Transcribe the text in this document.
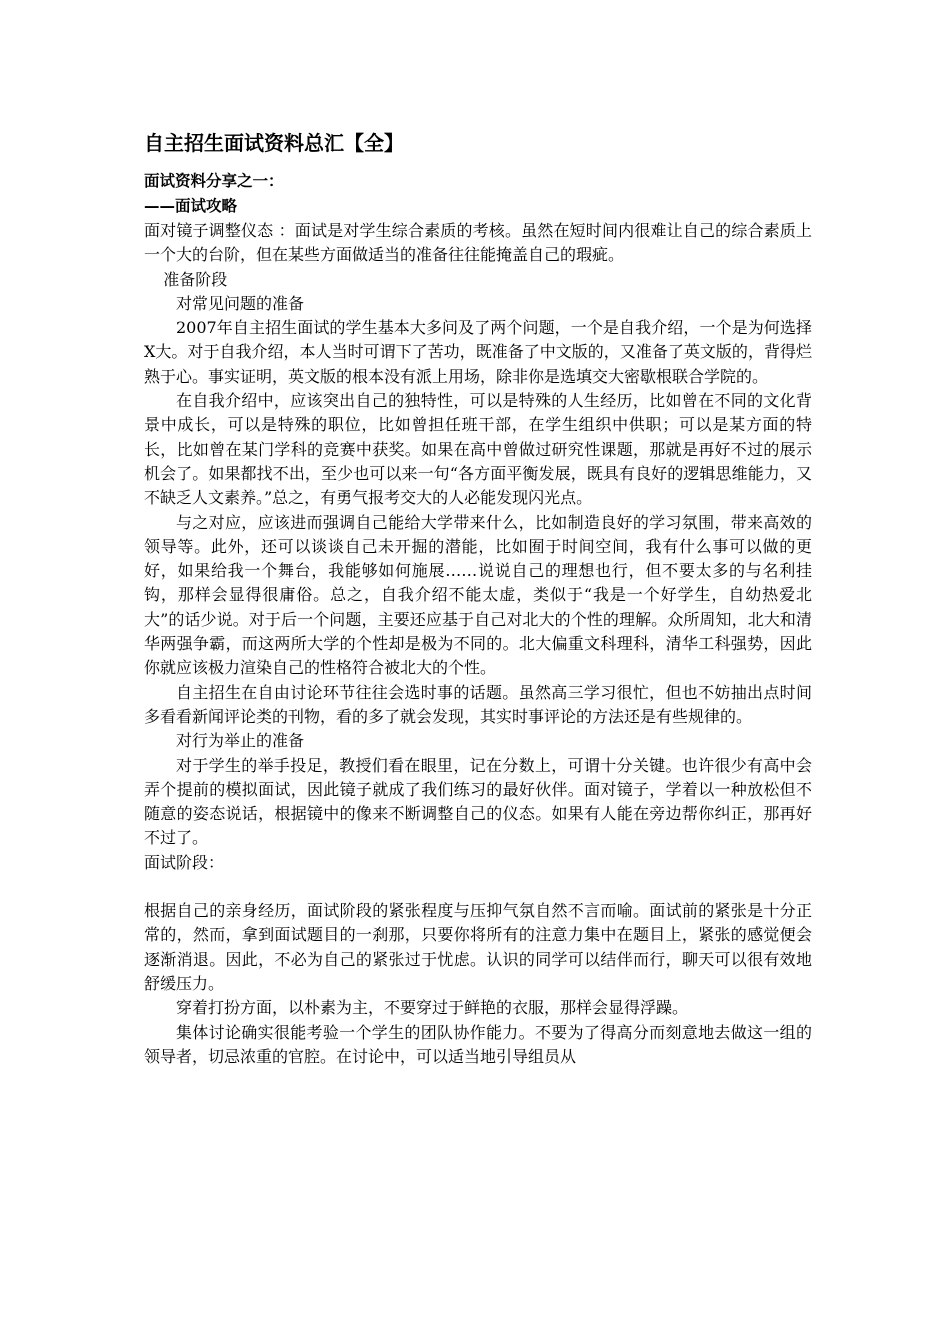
自主招生面试资料总汇【全】
面试资料分享之一：
——面试攻略

面对镜子调整仪态 ：面试是对学生综合素质的考核。虽然在短时间内很难让自己的综合素质上一个大的台阶，但在某些方面做适当的准备往往能掩盖自己的瑕疵。

准备阶段

对常见问题的准备

2007年自主招生面试的学生基本大多问及了两个问题，一个是自我介绍，一个是为何选择X大。对于自我介绍，本人当时可谓下了苦功，既准备了中文版的，又准备了英文版的，背得烂熟于心。事实证明，英文版的根本没有派上用场，除非你是选填交大密歇根联合学院的。

在自我介绍中，应该突出自己的独特性，可以是特殊的人生经历，比如曾在不同的文化背景中成长，可以是特殊的职位，比如曾担任班干部，在学生组织中供职；可以是某方面的特长，比如曾在某门学科的竞赛中获奖。如果在高中曾做过研究性课题，那就是再好不过的展示机会了。如果都找不出，至少也可以来一句“各方面平衡发展，既具有良好的逻辑思维能力，又不缺乏人文素养。”总之，有勇气报考交大的人必能发现闪光点。

与之对应，应该进而强调自己能给大学带来什么，比如制造良好的学习氛围，带来高效的领导等。此外，还可以谈谈自己未开掘的潜能，比如囿于时间空间，我有什么事可以做的更好，如果给我一个舞台，我能够如何施展……说说自己的理想也行，但不要太多的与名利挂钩，那样会显得很庸俗。总之，自我介绍不能太虚，类似于“我是一个好学生，自幼热爱北大”的话少说。对于后一个问题，主要还应基于自己对北大的个性的理解。众所周知，北大和清华两强争霸，而这两所大学的个性却是极为不同的。北大偏重文科理科，清华工科强势，因此你就应该极力渲染自己的性格符合被北大的个性。

自主招生在自由讨论环节往往会选时事的话题。虽然高三学习很忙，但也不妨抽出点时间多看看新闻评论类的刊物，看的多了就会发现，其实时事评论的方法还是有些规律的。

对行为举止的准备

对于学生的举手投足，教授们看在眼里，记在分数上，可谓十分关键。也许很少有高中会弄个提前的模拟面试，因此镜子就成了我们练习的最好伙伴。面对镜子，学着以一种放松但不随意的姿态说话，根据镜中的像来不断调整自己的仪态。如果有人能在旁边帮你纠正，那再好不过了。

面试阶段：

根据自己的亲身经历，面试阶段的紧张程度与压抑气氛自然不言而喻。面试前的紧张是十分正常的，然而，拿到面试题目的一刹那，只要你将所有的注意力集中在题目上，紧张的感觉便会逐渐消退。因此，不必为自己的紧张过于忧虑。认识的同学可以结伴而行，聊天可以很有效地舒缓压力。

穿着打扮方面，以朴素为主，不要穿过于鲜艳的衣服，那样会显得浮躁。

集体讨论确实很能考验一个学生的团队协作能力。不要为了得高分而刻意地去做这一组的领导者，切忌浓重的官腔。在讨论中，可以适当地引导组员从
